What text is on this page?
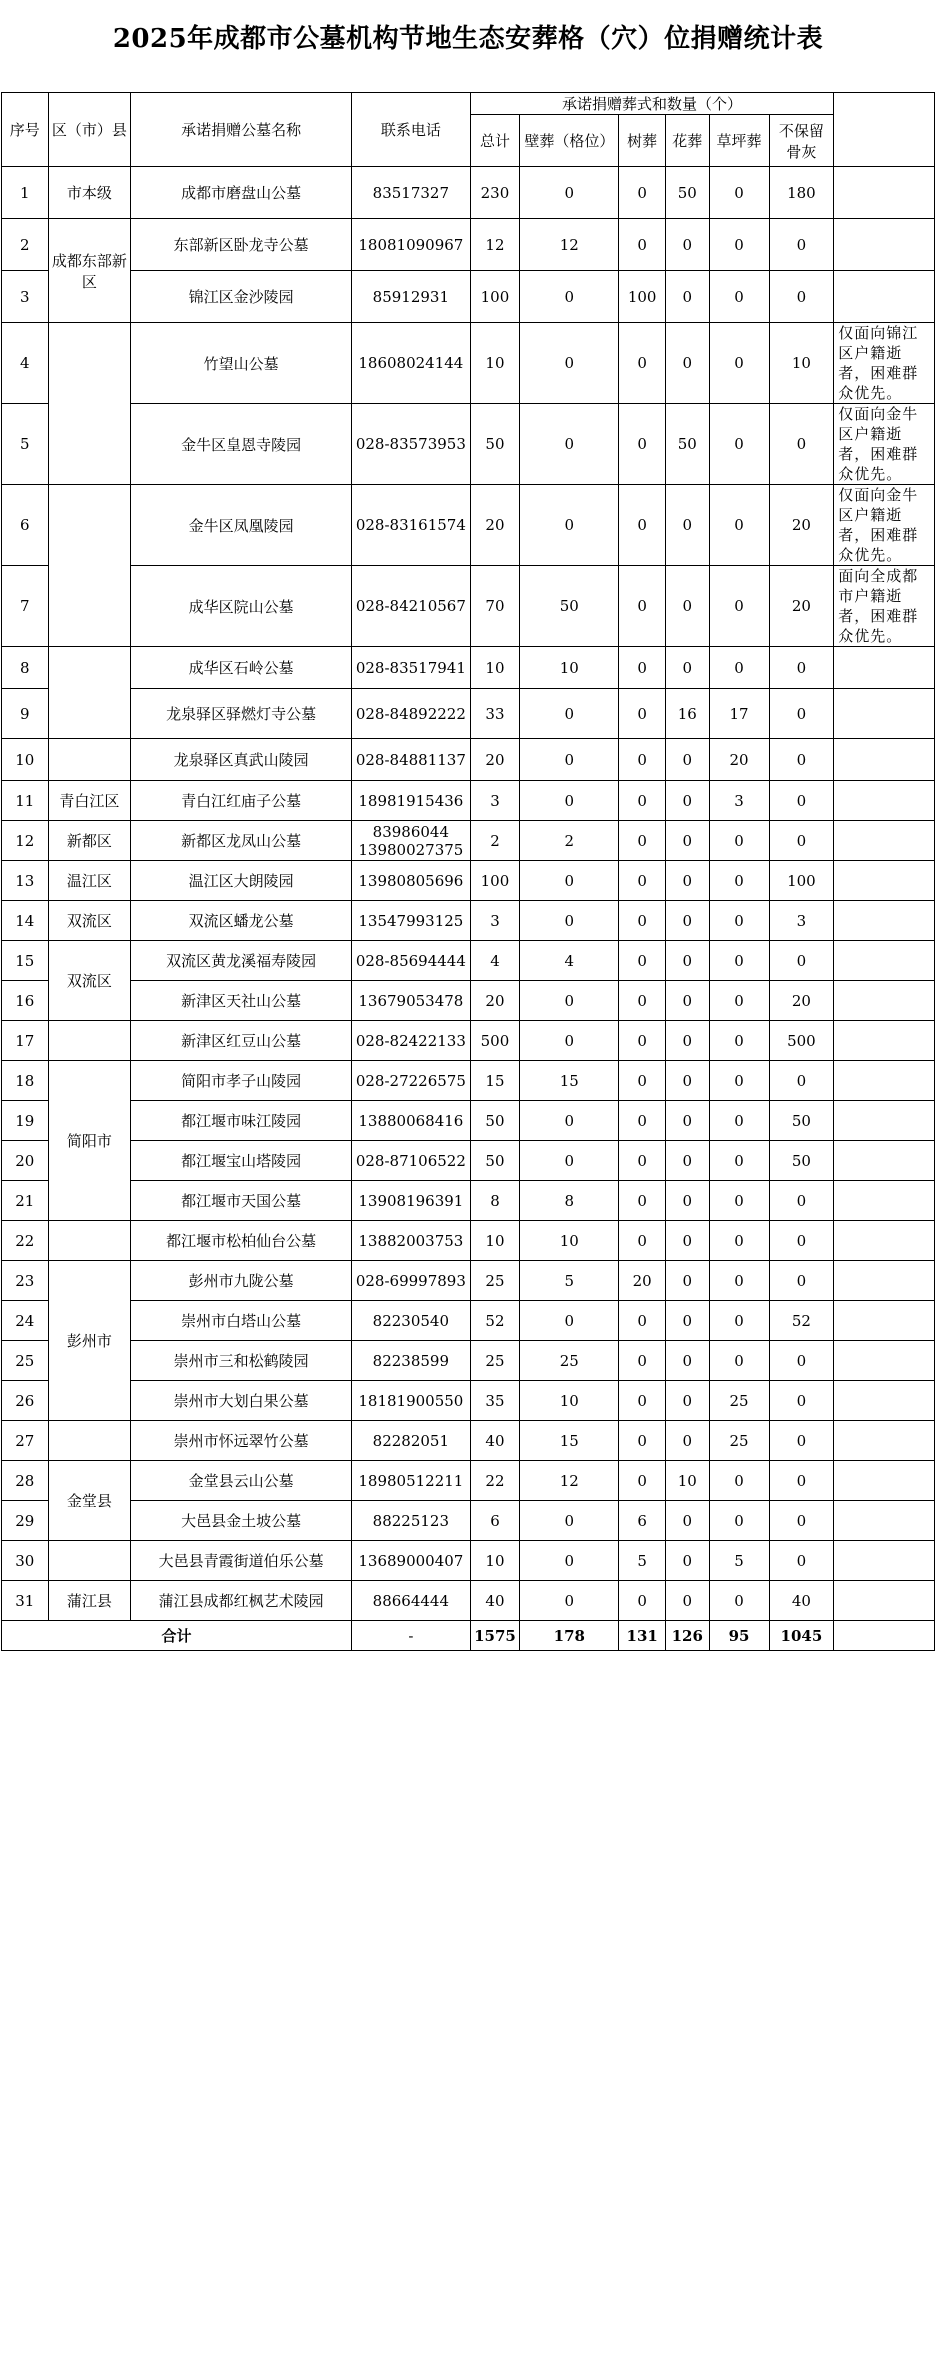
2025年成都市公墓机构节地生态安葬格（穴）位捐赠统计表
序号	区（市）县	承诺捐赠公墓名称	联系电话	承诺捐赠葬式和数量（个）						
				总计	壁葬（格位）	树葬	花葬	草坪葬	不保留骨灰	
1	市本级	成都市磨盘山公墓	83517327	230	0	0	50	0	180	
2	成都东部新区	东部新区卧龙寺公墓	18081090967	12	12	0	0	0	0	
3		锦江区金沙陵园	85912931	100	0	100	0	0	0	
4		竹望山公墓	18608024144	10	0	0	0	0	10	仅面向锦江区户籍逝者，困难群众优先。
5		金牛区皇恩寺陵园	028-83573953	50	0	0	50	0	0	仅面向金牛区户籍逝者，困难群众优先。
6		金牛区凤凰陵园	028-83161574	20	0	0	0	0	20	仅面向金牛区户籍逝者，困难群众优先。
7		成华区院山公墓	028-84210567	70	50	0	0	0	20	面向全成都市户籍逝者，困难群众优先。
8		成华区石岭公墓	028-83517941	10	10	0	0	0	0	
9		龙泉驿区驿燃灯寺公墓	028-84892222	33	0	0	16	17	0	
10		龙泉驿区真武山陵园	028-84881137	20	0	0	0	20	0	
11	青白江区	青白江红庙子公墓	18981915436	3	0	0	0	3	0	
12	新都区	新都区龙凤山公墓	83986044
13980027375	2	2	0	0	0	0	
13	温江区	温江区大朗陵园	13980805696	100	0	0	0	0	100	
14	双流区	双流区蟠龙公墓	13547993125	3	0	0	0	0	3	
15	双流区	双流区黄龙溪福寿陵园	028-85694444	4	4	0	0	0	0	
16		新津区天社山公墓	13679053478	20	0	0	0	0	20	
17		新津区红豆山公墓	028-82422133	500	0	0	0	0	500	
18	简阳市	简阳市孝子山陵园	028-27226575	15	15	0	0	0	0	
19		都江堰市味江陵园	13880068416	50	0	0	0	0	50	
20		都江堰宝山塔陵园	028-87106522	50	0	0	0	0	50	
21		都江堰市天国公墓	13908196391	8	8	0	0	0	0	
22		都江堰市松柏仙台公墓	13882003753	10	10	0	0	0	0	
23	彭州市	彭州市九陇公墓	028-69997893	25	5	20	0	0	0	
24		崇州市白塔山公墓	82230540	52	0	0	0	0	52	
25		崇州市三和松鹤陵园	82238599	25	25	0	0	0	0	
26		崇州市大划白果公墓	18181900550	35	10	0	0	25	0	
27		崇州市怀远翠竹公墓	82282051	40	15	0	0	25	0	
28	金堂县	金堂县云山公墓	18980512211	22	12	0	10	0	0	
29		大邑县金土坡公墓	88225123	6	0	6	0	0	0	
30		大邑县青霞街道伯乐公墓	13689000407	10	0	5	0	5	0	
31	蒲江县	蒲江县成都红枫艺术陵园	88664444	40	0	0	0	0	40	
合计			-	1575	178	131	126	95	1045	
